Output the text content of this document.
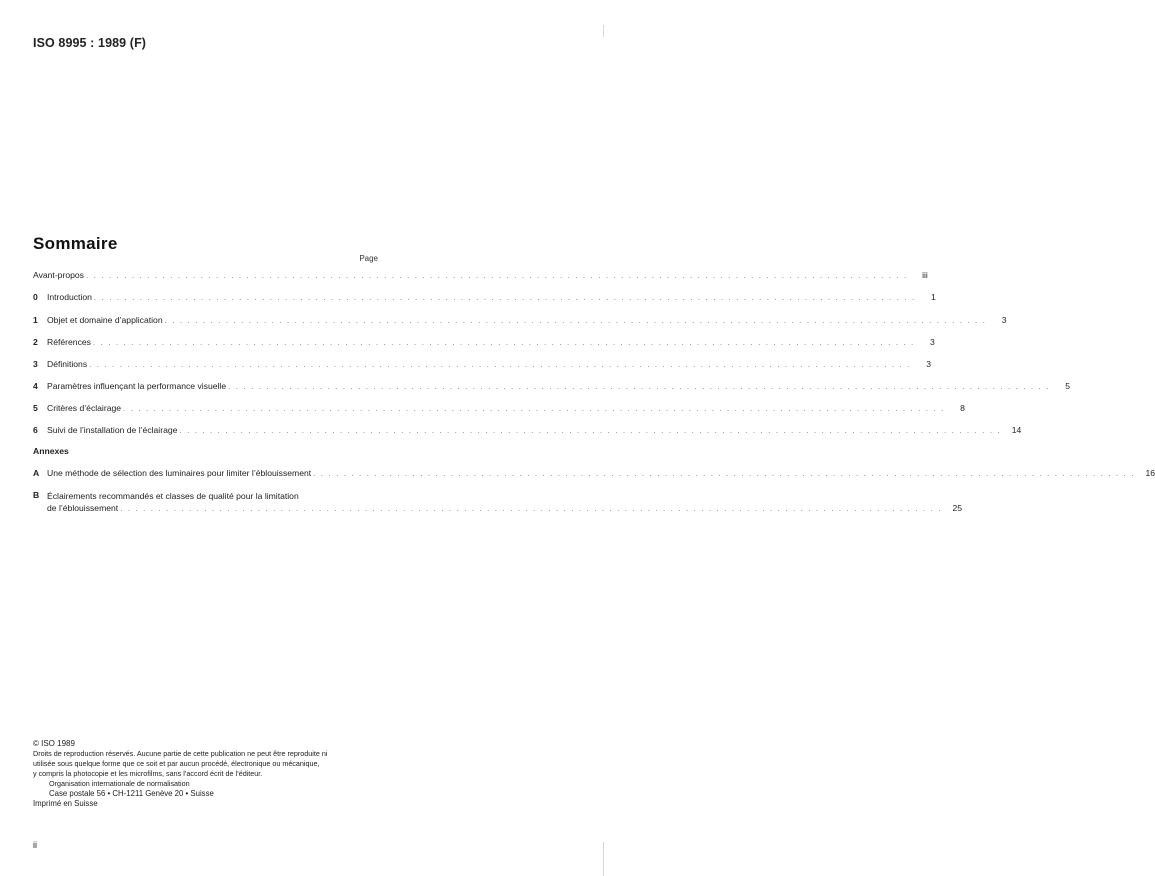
ISO 8995 : 1989 (F)
Sommaire
Page
Avant-propos . . .	iii
0	Introduction . . .	1
1	Objet et domaine d’application . . .	3
2	Références . . .	3
3	Définitions . . .	3
4	Paramètres influençant la performance visuelle . . .	5
5	Critères d’éclairage . . .	8
6	Suivi de l’installation de l’éclairage . . .	14
Annexes
A Une méthode de sélection des luminaires pour limiter l’éblouissement . . .	16
B Éclairements recommandés et classes de qualité pour la limitation
de l’éblouissement . . .	25
© ISO 1989
Droits de reproduction réservés. Aucune partie de cette publication ne peut être reproduite ni
utilisée sous quelque forme que ce soit et par aucun procédé, électronique ou mécanique,
y compris la photocopie et les microfilms, sans l’accord écrit de l’éditeur.
Organisation internationale de normalisation
Case postale 56 • CH-1211 Genève 20 • Suisse
Imprimé en Suisse
ii
